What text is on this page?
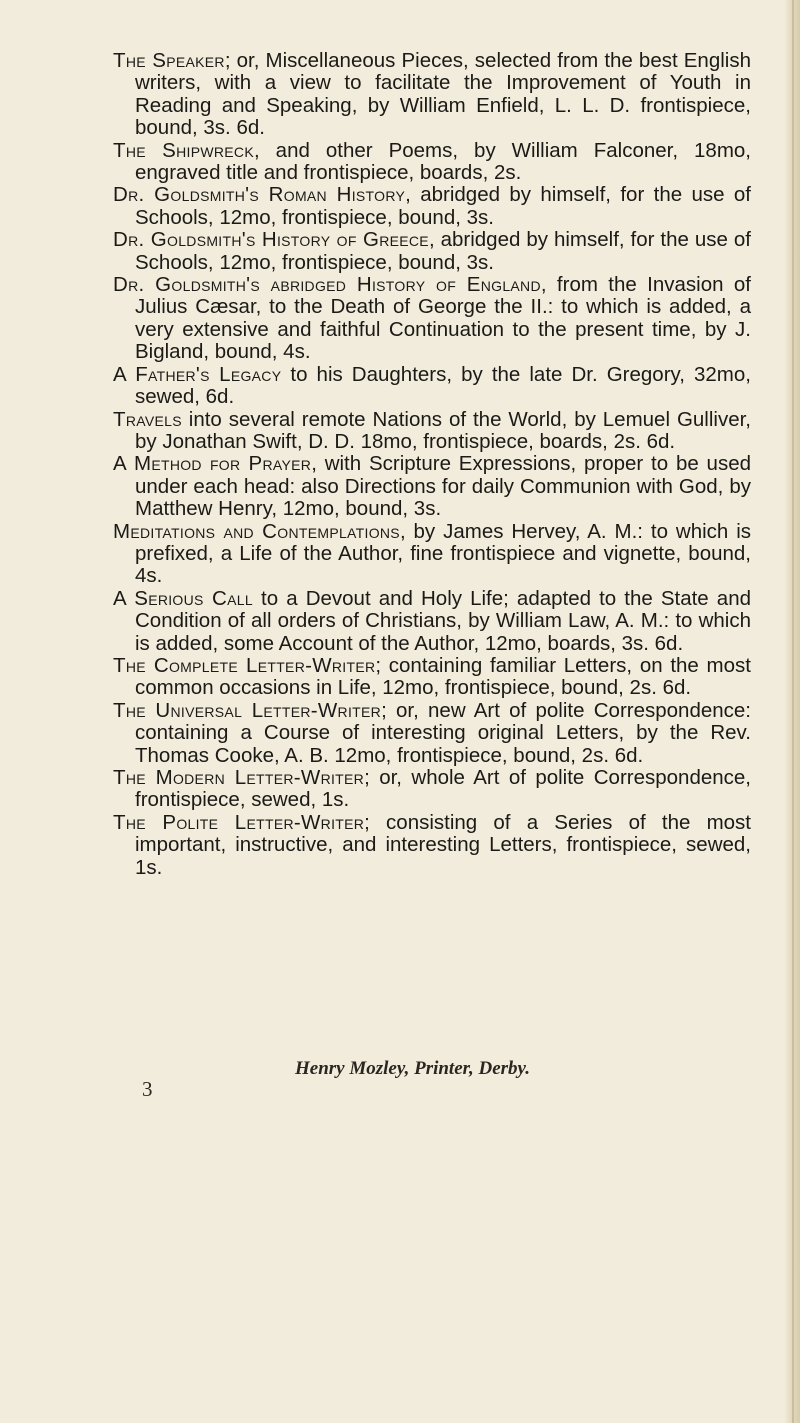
The Speaker; or, Miscellaneous Pieces, selected from the best English writers, with a view to facilitate the Improvement of Youth in Reading and Speaking, by William Enfield, L. L. D. frontispiece, bound, 3s. 6d.

The Shipwreck, and other Poems, by William Falconer, 18mo, engraved title and frontispiece, boards, 2s.

Dr. Goldsmith's Roman History, abridged by himself, for the use of Schools, 12mo, frontispiece, bound, 3s.

Dr. Goldsmith's History of Greece, abridged by himself, for the use of Schools, 12mo, frontispiece, bound, 3s.

Dr. Goldsmith's abridged History of England, from the Invasion of Julius Cæsar, to the Death of George the II.: to which is added, a very extensive and faithful Continuation to the present time, by J. Bigland, bound, 4s.

A Father's Legacy to his Daughters, by the late Dr. Gregory, 32mo, sewed, 6d.

Travels into several remote Nations of the World, by Lemuel Gulliver, by Jonathan Swift, D. D. 18mo, frontispiece, boards, 2s. 6d.

A Method for Prayer, with Scripture Expressions, proper to be used under each head: also Directions for daily Communion with God, by Matthew Henry, 12mo, bound, 3s.

Meditations and Contemplations, by James Hervey, A. M.: to which is prefixed, a Life of the Author, fine frontispiece and vignette, bound, 4s.

A Serious Call to a Devout and Holy Life; adapted to the State and Condition of all orders of Christians, by William Law, A. M.: to which is added, some Account of the Author, 12mo, boards, 3s. 6d.

The Complete Letter-Writer; containing familiar Letters, on the most common occasions in Life, 12mo, frontispiece, bound, 2s. 6d.

The Universal Letter-Writer; or, new Art of polite Correspondence: containing a Course of interesting original Letters, by the Rev. Thomas Cooke, A. B. 12mo, frontispiece, bound, 2s. 6d.

The Modern Letter-Writer; or, whole Art of polite Correspondence, frontispiece, sewed, 1s.

The Polite Letter-Writer; consisting of a Series of the most important, instructive, and interesting Letters, frontispiece, sewed, 1s.

Henry Mozley, Printer, Derby.
3
